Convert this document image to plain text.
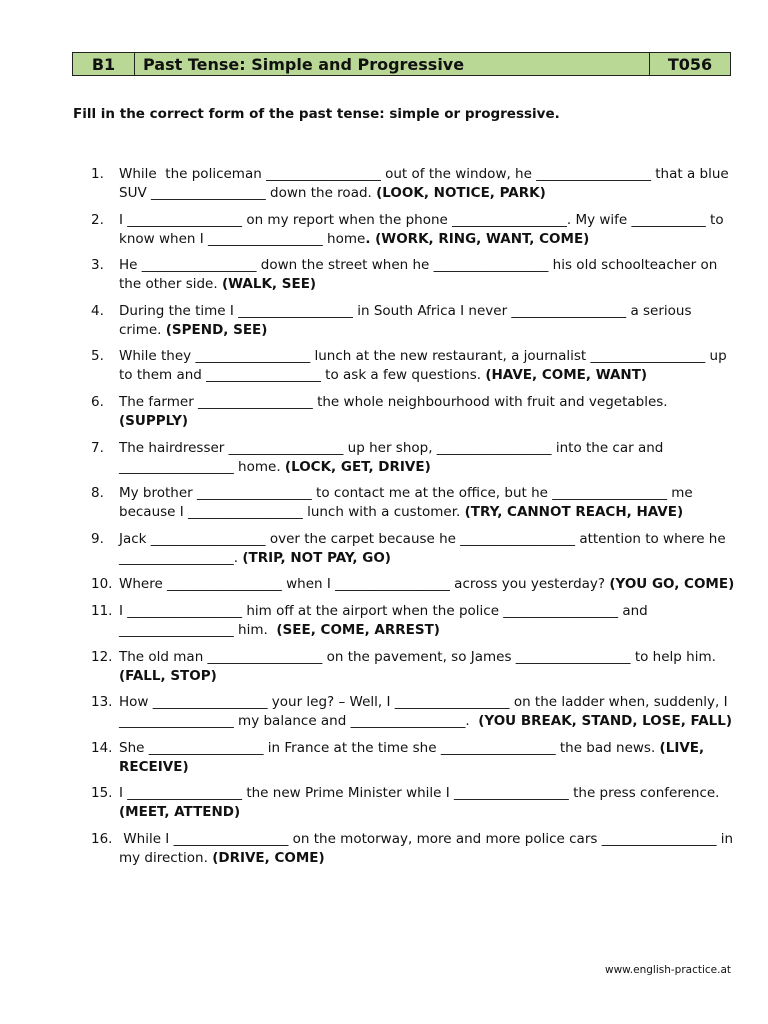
B1	Past Tense: Simple and Progressive	T056

Fill in the correct form of the past tense: simple or progressive.

1.	While  the policeman _________________ out of the window, he _________________ that a blue SUV _________________ down the road. (LOOK, NOTICE, PARK)
2.	I _________________ on my report when the phone _________________. My wife ___________ to know when I _________________ home. (WORK, RING, WANT, COME)
3.	He _________________ down the street when he _________________ his old schoolteacher on the other side. (WALK, SEE)
4.	During the time I _________________ in South Africa I never _________________ a serious crime. (SPEND, SEE)
5.	While they _________________ lunch at the new restaurant, a journalist _________________ up to them and _________________ to ask a few questions. (HAVE, COME, WANT)
6.	The farmer _________________ the whole neighbourhood with fruit and vegetables. (SUPPLY)
7.	The hairdresser _________________ up her shop, _________________ into the car and _________________ home. (LOCK, GET, DRIVE)
8.	My brother _________________ to contact me at the office, but he _________________ me because I _________________ lunch with a customer. (TRY, CANNOT REACH, HAVE)
9.	Jack _________________ over the carpet because he _________________ attention to where he _________________. (TRIP, NOT PAY, GO)
10. Where _________________ when I _________________ across you yesterday? (YOU GO, COME)
11. I _________________ him off at the airport when the police _________________ and _________________ him.  (SEE, COME, ARREST)
12. The old man _________________ on the pavement, so James _________________ to help him. (FALL, STOP)
13. How _________________ your leg? – Well, I _________________ on the ladder when, suddenly, I _________________ my balance and _________________.  (YOU BREAK, STAND, LOSE, FALL)
14. She _________________ in France at the time she _________________ the bad news. (LIVE, RECEIVE)
15. I _________________ the new Prime Minister while I _________________ the press conference. (MEET, ATTEND)
16. While I _________________ on the motorway, more and more police cars _________________ in my direction. (DRIVE, COME)

www.english-practice.at
